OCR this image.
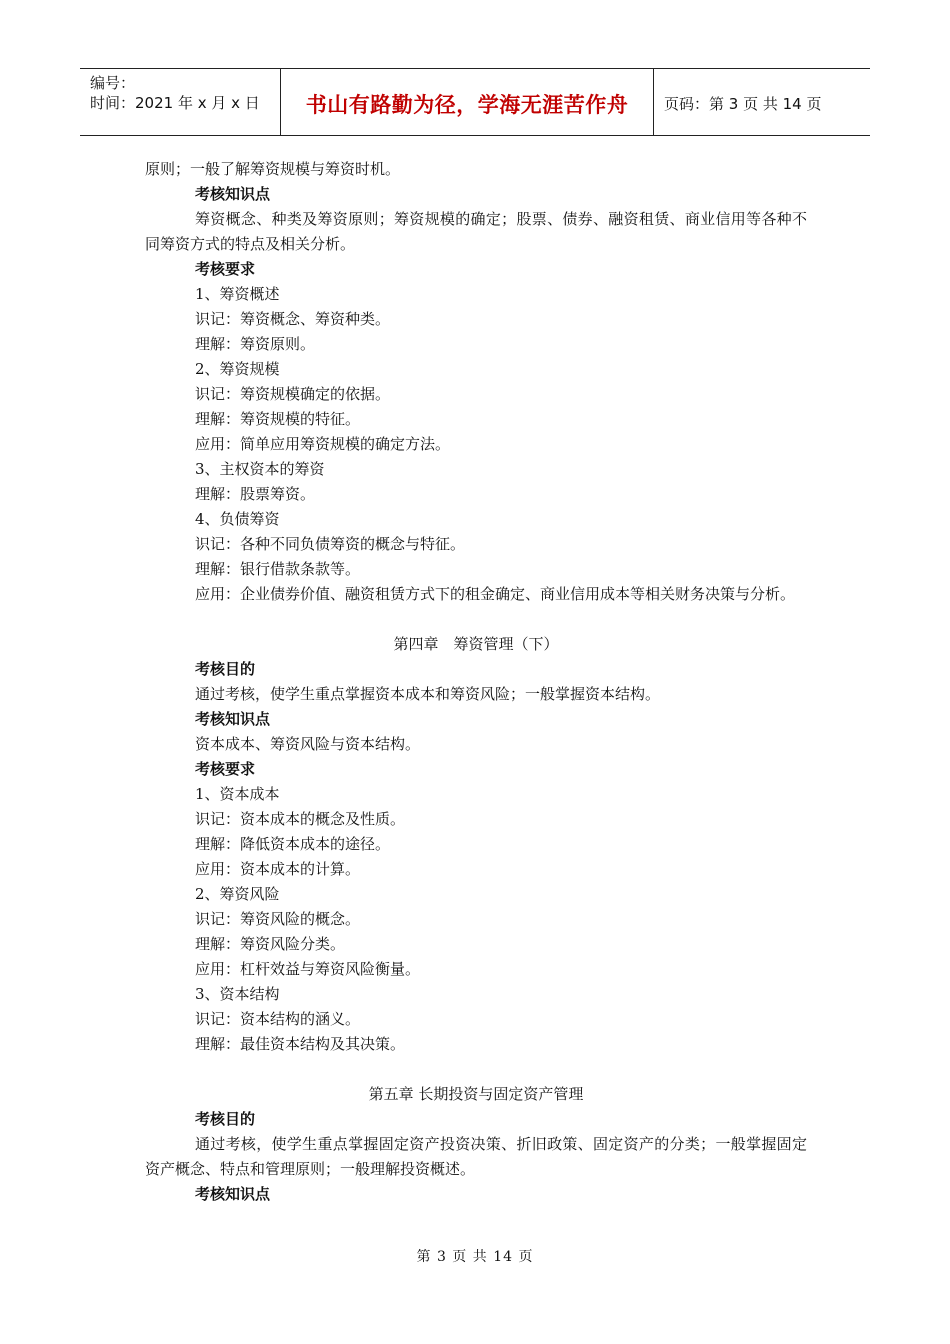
编号：
时间：2021 年 x 月 x 日	书山有路勤为径，学海无涯苦作舟 页码：第 3 页 共 14 页
原则；一般了解筹资规模与筹资时机。
考核知识点
筹资概念、种类及筹资原则；筹资规模的确定；股票、债券、融资租赁、商业信用等各种不同筹资方式的特点及相关分析。
考核要求
1、筹资概述
识记：筹资概念、筹资种类。
理解：筹资原则。
2、筹资规模
识记：筹资规模确定的依据。
理解：筹资规模的特征。
应用：简单应用筹资规模的确定方法。
3、主权资本的筹资
理解：股票筹资。
4、负债筹资
识记：各种不同负债筹资的概念与特征。
理解：银行借款条款等。
应用：企业债券价值、融资租赁方式下的租金确定、商业信用成本等相关财务决策与分析。
第四章　筹资管理（下）
考核目的
通过考核，使学生重点掌握资本成本和筹资风险；一般掌握资本结构。
考核知识点
资本成本、筹资风险与资本结构。
考核要求
1、资本成本
识记：资本成本的概念及性质。
理解：降低资本成本的途径。
应用：资本成本的计算。
2、筹资风险
识记：筹资风险的概念。
理解：筹资风险分类。
应用：杠杆效益与筹资风险衡量。
3、资本结构
识记：资本结构的涵义。
理解：最佳资本结构及其决策。
第五章 长期投资与固定资产管理
考核目的
通过考核，使学生重点掌握固定资产投资决策、折旧政策、固定资产的分类；一般掌握固定资产概念、特点和管理原则；一般理解投资概述。
考核知识点
第 3 页 共 14 页
